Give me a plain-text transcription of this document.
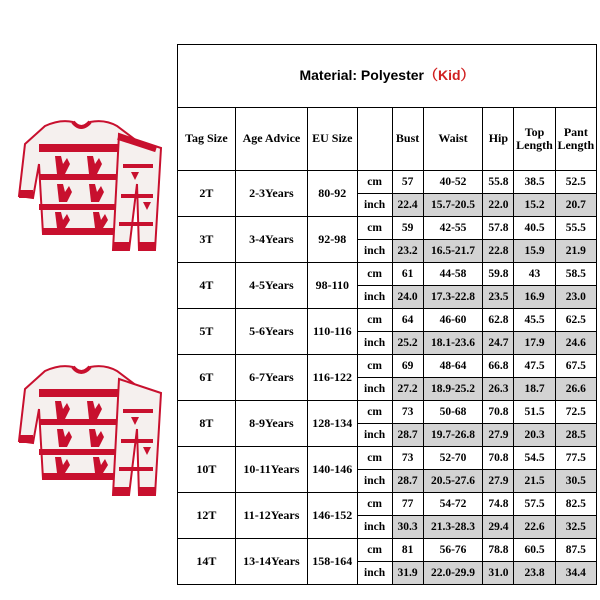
Material: Polyester（Kid）								
Tag Size	Age Advice	EU Size		Bust	Waist	Hip	Top Length	Pant Length
2T	2-3Years	80-92	cm	57	40-52	55.8	38.5	52.5
			inch	22.4	15.7-20.5	22.0	15.2	20.7
3T	3-4Years	92-98	cm	59	42-55	57.8	40.5	55.5
			inch	23.2	16.5-21.7	22.8	15.9	21.9
4T	4-5Years	98-110	cm	61	44-58	59.8	43	58.5
			inch	24.0	17.3-22.8	23.5	16.9	23.0
5T	5-6Years	110-116	cm	64	46-60	62.8	45.5	62.5
			inch	25.2	18.1-23.6	24.7	17.9	24.6
6T	6-7Years	116-122	cm	69	48-64	66.8	47.5	67.5
			inch	27.2	18.9-25.2	26.3	18.7	26.6
8T	8-9Years	128-134	cm	73	50-68	70.8	51.5	72.5
			inch	28.7	19.7-26.8	27.9	20.3	28.5
10T	10-11Years	140-146	cm	73	52-70	70.8	54.5	77.5
			inch	28.7	20.5-27.6	27.9	21.5	30.5
12T	11-12Years	146-152	cm	77	54-72	74.8	57.5	82.5
			inch	30.3	21.3-28.3	29.4	22.6	32.5
14T	13-14Years	158-164	cm	81	56-76	78.8	60.5	87.5
			inch	31.9	22.0-29.9	31.0	23.8	34.4
